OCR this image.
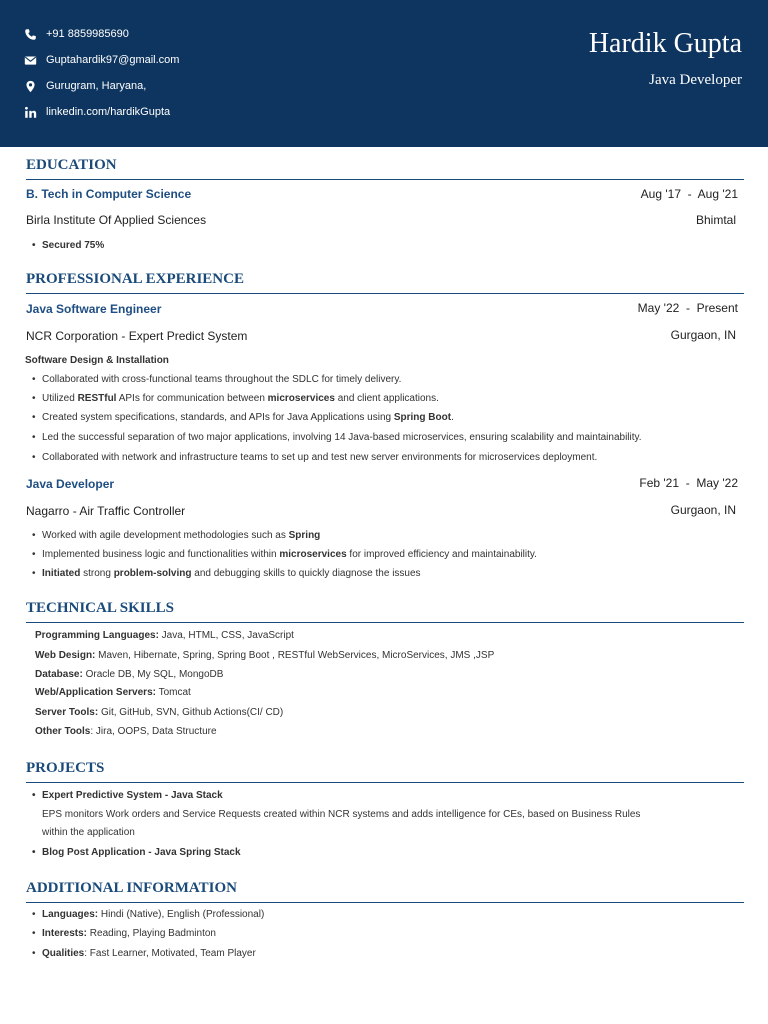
+91 8859985690
Guptahardik97@gmail.com
Gurugram, Haryana,
linkedin.com/hardikGupta
Hardik Gupta
Java Developer
EDUCATION
B. Tech in Computer Science	Aug '17  -  Aug '21
Birla Institute Of Applied Sciences	Bhimtal
• Secured 75%
PROFESSIONAL EXPERIENCE
Java Software Engineer	May '22  -  Present
NCR Corporation - Expert Predict System	Gurgaon, IN
Software Design & Installation
• Collaborated with cross-functional teams throughout the SDLC for timely delivery.
• Utilized RESTful APIs for communication between microservices and client applications.
• Created system specifications, standards, and APIs for Java Applications using Spring Boot.
• Led the successful separation of two major applications, involving 14 Java-based microservices, ensuring scalability and maintainability.
• Collaborated with network and infrastructure teams to set up and test new server environments for microservices deployment.
Java Developer	Feb '21  -  May '22
Nagarro - Air Traffic Controller	Gurgaon, IN
• Worked with agile development methodologies such as Spring
• Implemented business logic and functionalities within microservices for improved efficiency and maintainability.
• Initiated strong problem-solving and debugging skills to quickly diagnose the issues
TECHNICAL SKILLS
Programming Languages: Java, HTML, CSS, JavaScript
Web Design: Maven, Hibernate, Spring, Spring Boot , RESTful WebServices, MicroServices, JMS ,JSP
Database: Oracle DB, My SQL, MongoDB
Web/Application Servers: Tomcat
Server Tools: Git, GitHub, SVN, Github Actions(CI/ CD)
Other Tools: Jira, OOPS, Data Structure
PROJECTS
• Expert Predictive System - Java Stack
EPS monitors Work orders and Service Requests created within NCR systems and adds intelligence for CEs, based on Business Rules
within the application
• Blog Post Application - Java Spring Stack
ADDITIONAL INFORMATION
• Languages: Hindi (Native), English (Professional)
• Interests: Reading, Playing Badminton
• Qualities: Fast Learner, Motivated, Team Player
